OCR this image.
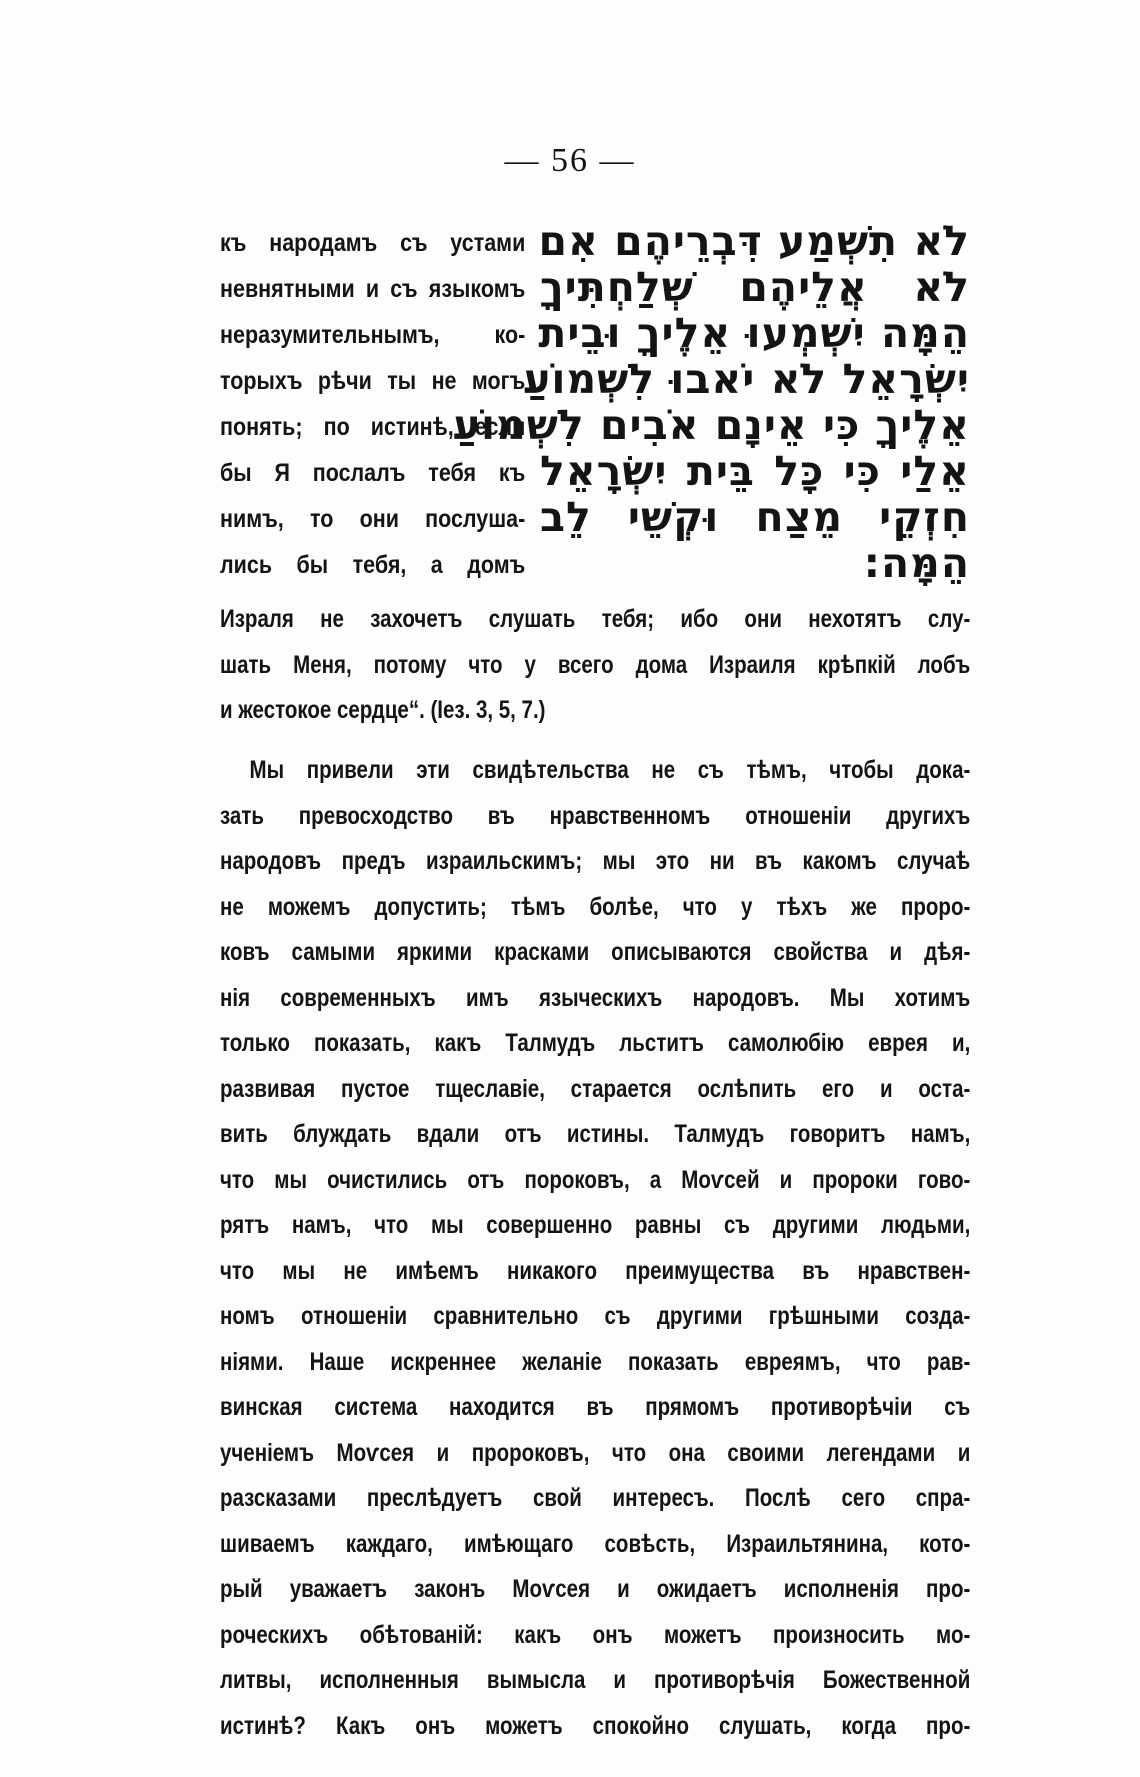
— 56 —
къ народамъ съ устами
невнятными и съ языкомъ
неразумительнымъ, ко-
торыхъ рѣчи ты не могъ
понять; по истинѣ, если
бы Я послалъ тебя къ
нимъ, то они послуша-
лись бы тебя, а домъ
לֹא תִשְׁמַע דִּבְרֵיהֶם אִם
לֹא אֲלֵיהֶם שְׁלַחְתִּיךָ
הֵמָּה יִשְׁמְעוּ אֵלֶיךָ וּבֵית
יִשְׂרָאֵל לֹא יֹאבוּ לִשְׁמוֹעַ
אֵלֶיךָ כִּי אֵינָם אֹבִים לִשְׁמוֹעַ
אֵלַי כִּי כָּל בֵּית יִשְׂרָאֵל
חִזְקֵי מֵצַח וּקְשֵׁי לֵב
הֵמָּה:
Израля не захочетъ слушать тебя; ибо они нехотятъ слу-
шать Меня, потому что у всего дома Израиля крѣпкій лобъ
и жестокое сердце“. (Iез. 3, 5, 7.)
Мы привели эти свидѣтельства не съ тѣмъ, чтобы дока-
зать превосходство въ нравственномъ отношеніи другихъ
народовъ предъ израильскимъ; мы это ни въ какомъ случаѣ
не можемъ допустить; тѣмъ болѣе, что у тѣхъ же проро-
ковъ самыми яркими красками описываются свойства и дѣя-
нія современныхъ имъ языческихъ народовъ. Мы хотимъ
только показать, какъ Талмудъ льститъ самолюбію еврея и,
развивая пустое тщеславіе, старается ослѣпить его и оста-
вить блуждать вдали отъ истины. Талмудъ говоритъ намъ,
что мы очистились отъ пороковъ, а Моѵсей и пророки гово-
рятъ намъ, что мы совершенно равны съ другими людьми,
что мы не имѣемъ никакого преимущества въ нравствен-
номъ отношеніи сравнительно съ другими грѣшными созда-
ніями. Наше искреннее желаніе показать евреямъ, что рав-
винская система находится въ прямомъ противорѣчіи съ
ученіемъ Моѵсея и пророковъ, что она своими легендами и
разсказами преслѣдуетъ свой интересъ. Послѣ сего спра-
шиваемъ каждаго, имѣющаго совѣсть, Израильтянина, кото-
рый уважаетъ законъ Моѵсея и ожидаетъ исполненія про-
роческихъ обѣтованій: какъ онъ можетъ произносить мо-
литвы, исполненныя вымысла и противорѣчія Божественной
истинѣ? Какъ онъ можетъ спокойно слушать, когда про-
